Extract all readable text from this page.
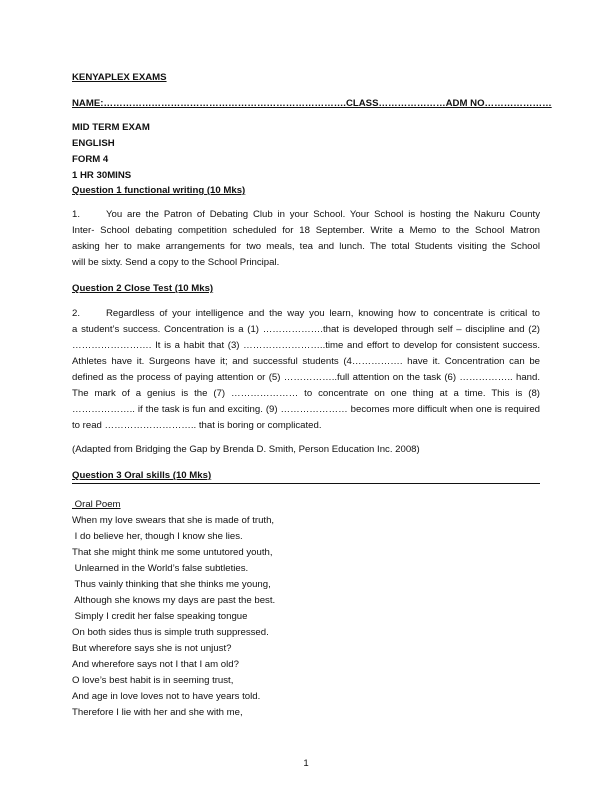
KENYAPLEX EXAMS
NAME:………………………………………………………………….CLASS…………………ADM NO…………………
MID TERM EXAM
ENGLISH
FORM 4
1 HR 30MINS
Question 1 functional writing (10 Mks)
1.	You are the Patron of Debating Club in your School. Your School is hosting the Nakuru County
Inter- School debating competition scheduled for 18 September. Write a Memo to the School Matron
asking her to make arrangements for two meals, tea and lunch. The total Students visiting the School
will be sixty. Send a copy to the School Principal.
Question 2 Close Test (10 Mks)
2.	Regardless of your intelligence and the way you learn, knowing how to concentrate is critical to
a student’s success. Concentration is a (1) ……………….that is developed through self – discipline and (2)
……………………. It is a habit that (3) ……………………..time and effort to develop for consistent success.
Athletes have it. Surgeons have it; and successful students (4……………. have it. Concentration can be
defined as the process of paying attention or (5) ……………..full attention on the task (6) …………….. hand.
The mark of a genius is the (7) ………………… to concentrate on one thing at a time. This is (8)
……………….. if the task is fun and exciting. (9) ………………… becomes more difficult when one is required
to read ……………………….. that is boring or complicated.
(Adapted from Bridging the Gap by Brenda D. Smith, Person Education Inc. 2008)
Question 3 Oral skills (10 Mks)
Oral Poem
When my love swears that she is made of truth,
I do believe her, though I know she lies.
That she might think me some untutored youth,
Unlearned in the World’s false subtleties.
Thus vainly thinking that she thinks me young,
Although she knows my days are past the best.
Simply I credit her false speaking tongue
On both sides thus is simple truth suppressed.
But wherefore says she is not unjust?
And wherefore says not I that I am old?
O love’s best habit is in seeming trust,
And age in love loves not to have years told.
Therefore I lie with her and she with me,
1
